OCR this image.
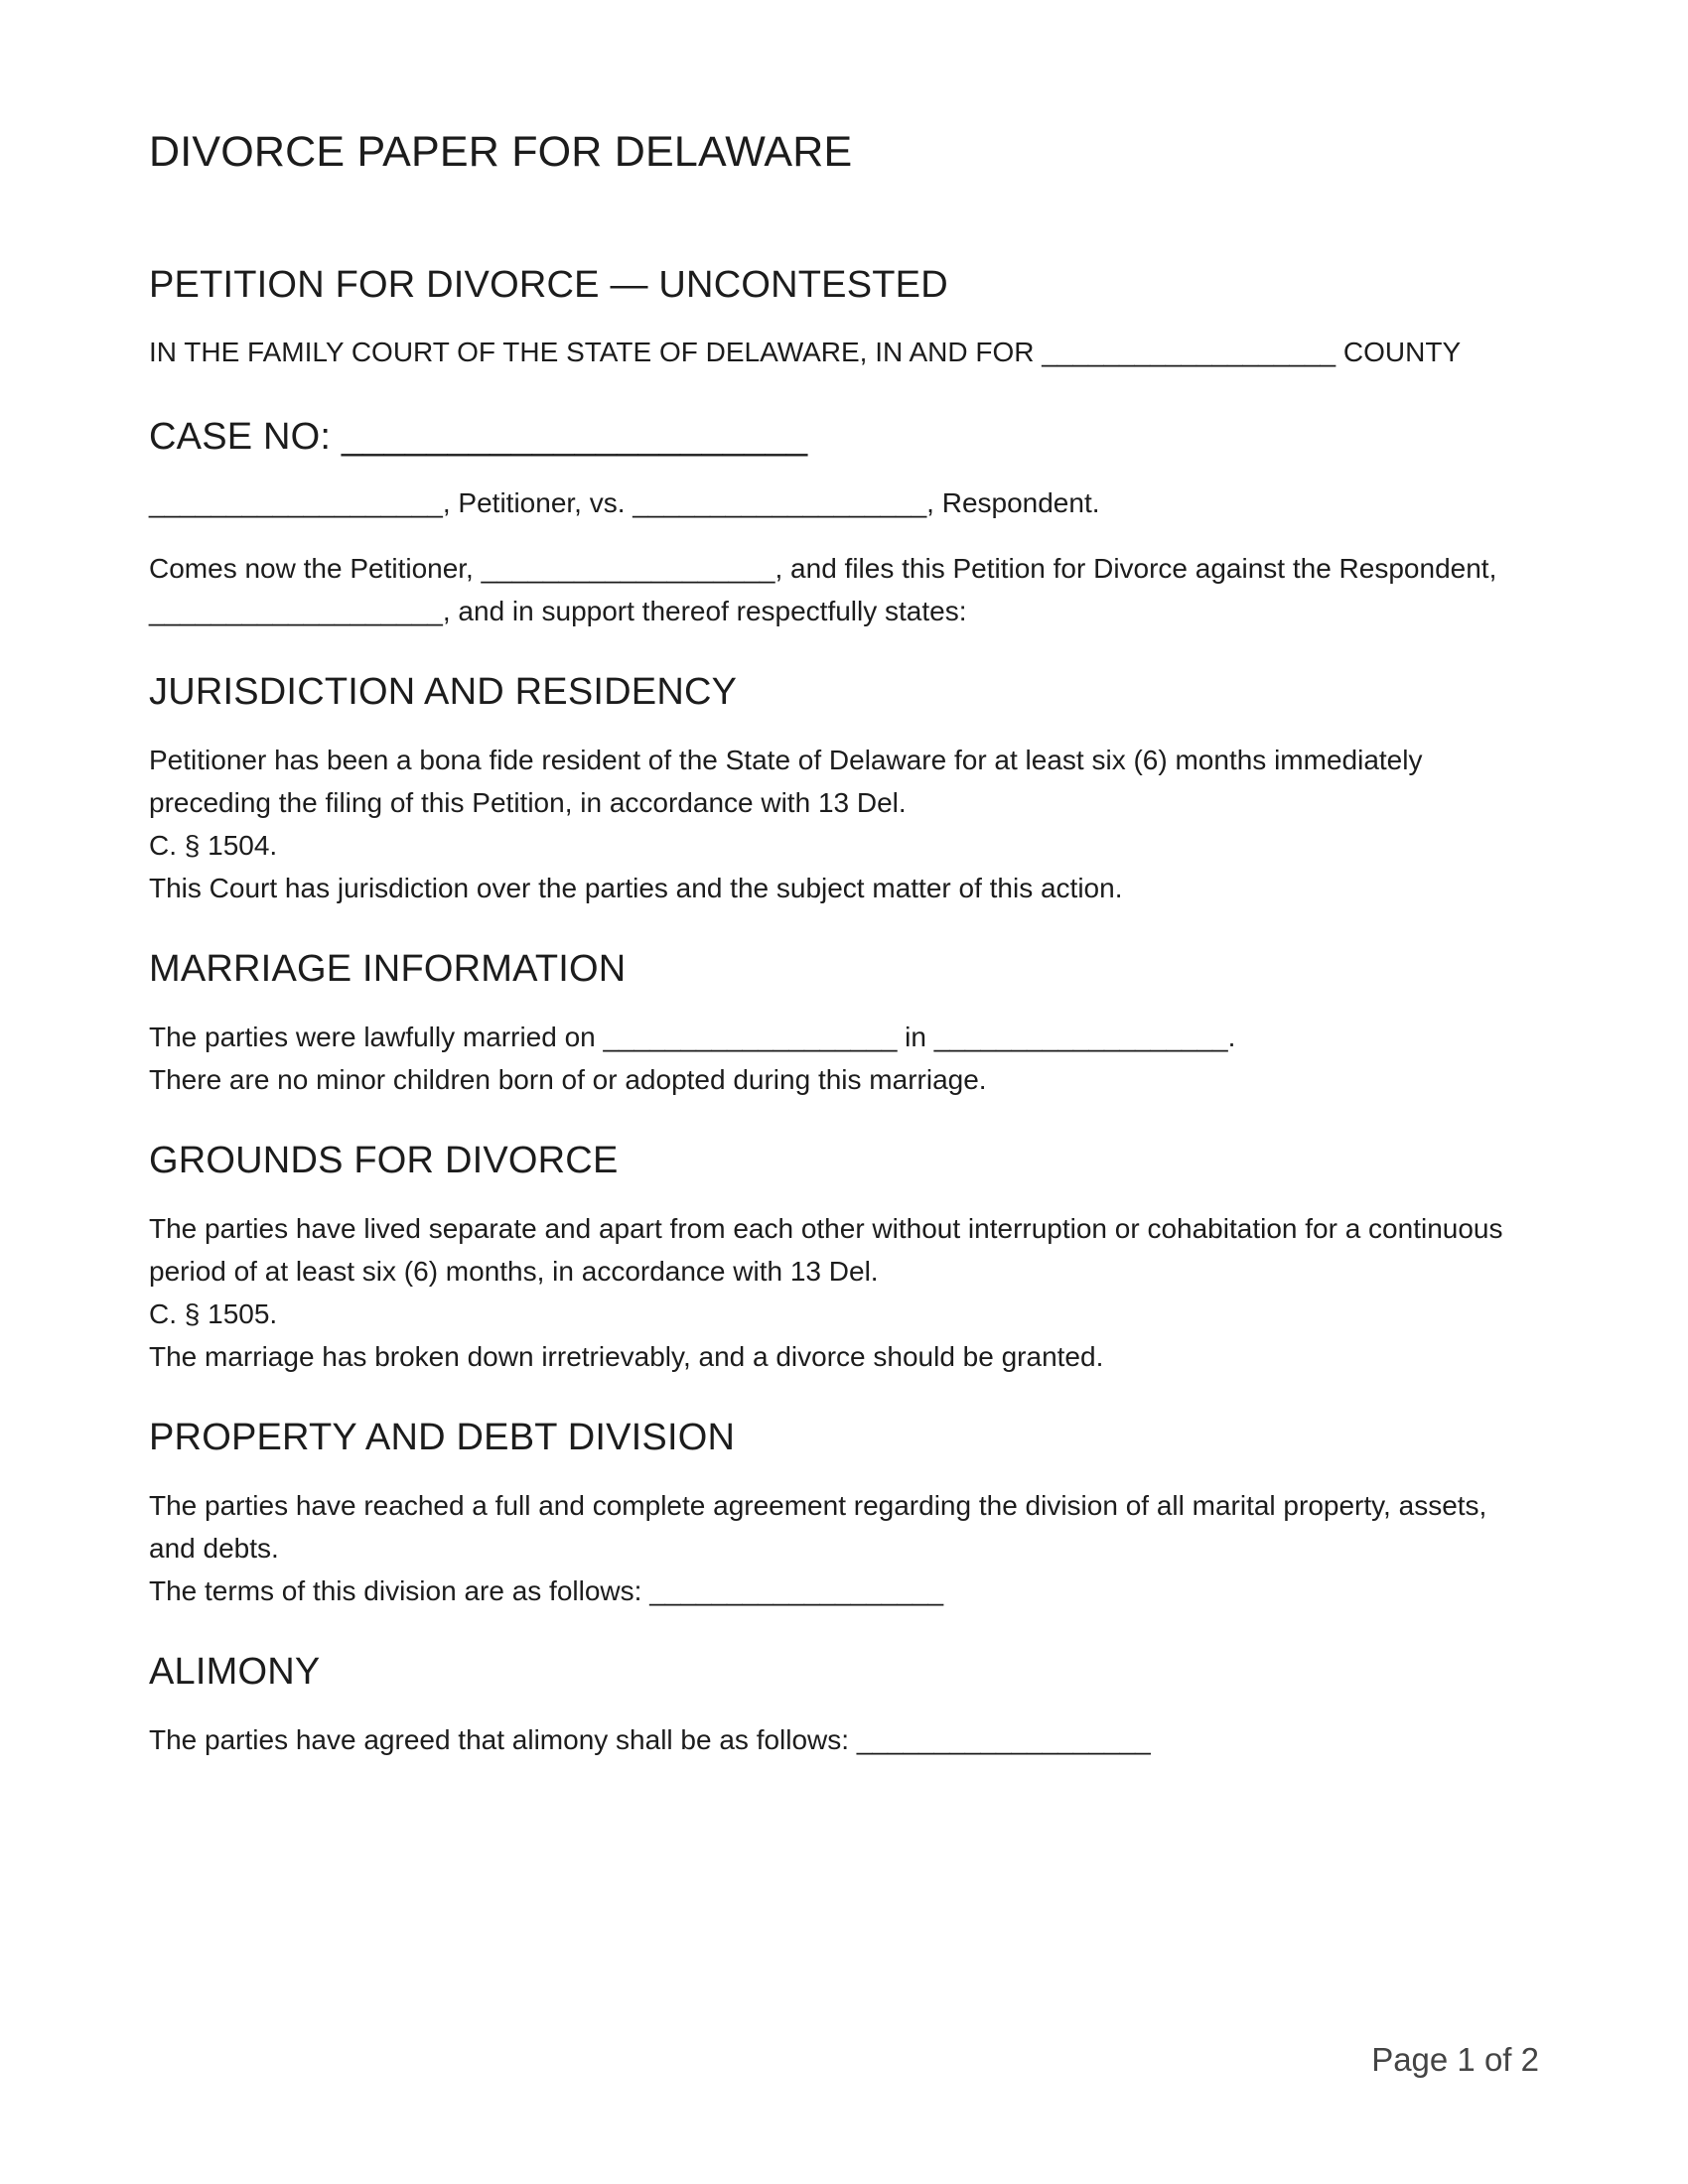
DIVORCE PAPER FOR DELAWARE
PETITION FOR DIVORCE — UNCONTESTED

IN THE FAMILY COURT OF THE STATE OF DELAWARE, IN AND FOR ___________________ COUNTY

CASE NO: ______________________

___________________, Petitioner, vs. ___________________, Respondent.

Comes now the Petitioner, ___________________, and files this Petition for Divorce against the Respondent, ___________________, and in support thereof respectfully states:

JURISDICTION AND RESIDENCY

Petitioner has been a bona fide resident of the State of Delaware for at least six (6) months immediately preceding the filing of this Petition, in accordance with 13 Del.

C. § 1504.

This Court has jurisdiction over the parties and the subject matter of this action.

MARRIAGE INFORMATION

The parties were lawfully married on ___________________ in ___________________.

There are no minor children born of or adopted during this marriage.

GROUNDS FOR DIVORCE

The parties have lived separate and apart from each other without interruption or cohabitation for a continuous period of at least six (6) months, in accordance with 13 Del.

C. § 1505.

The marriage has broken down irretrievably, and a divorce should be granted.

PROPERTY AND DEBT DIVISION

The parties have reached a full and complete agreement regarding the division of all marital property, assets, and debts.

The terms of this division are as follows: ___________________

ALIMONY

The parties have agreed that alimony shall be as follows: ___________________

Page 1 of 2
